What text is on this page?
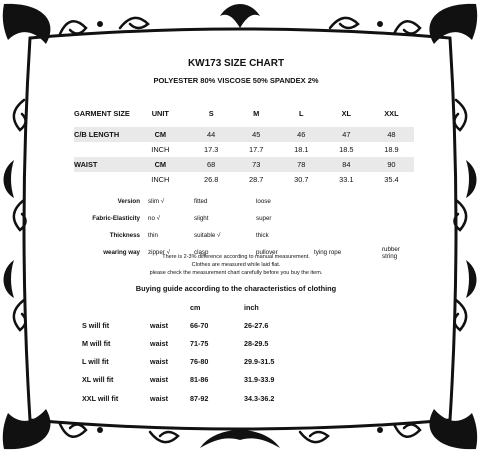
KW173 SIZE CHART
POLYESTER 80% VISCOSE 50% SPANDEX 2%
GARMENT SIZE	UNIT	S	M	L	XL	XXL
C/B LENGTH	CM	44	45	46	47	48
	INCH	17.3	17.7	18.1	18.5	18.9
WAIST	CM	68	73	78	84	90
	INCH	26.8	28.7	30.7	33.1	35.4
Version	slim √	fitted	loose		
Fabric-Elasticity	no √	slight	super		
Thickness	thin	suitable √	thick		
wearing way	zipper √	clasp	pullover	tying rope	rubber string
There is 2-3% difference according to manual measurement.
Clothes are measured while laid flat.
please check the measurement chart carefully before you buy the item.
Buying guide according to the characteristics of clothing
		cm	inch
S will fit	waist	66-70	26-27.6
M will fit	waist	71-75	28-29.5
L will fit	waist	76-80	29.9-31.5
XL will fit	waist	81-86	31.9-33.9
XXL will fit	waist	87-92	34.3-36.2
